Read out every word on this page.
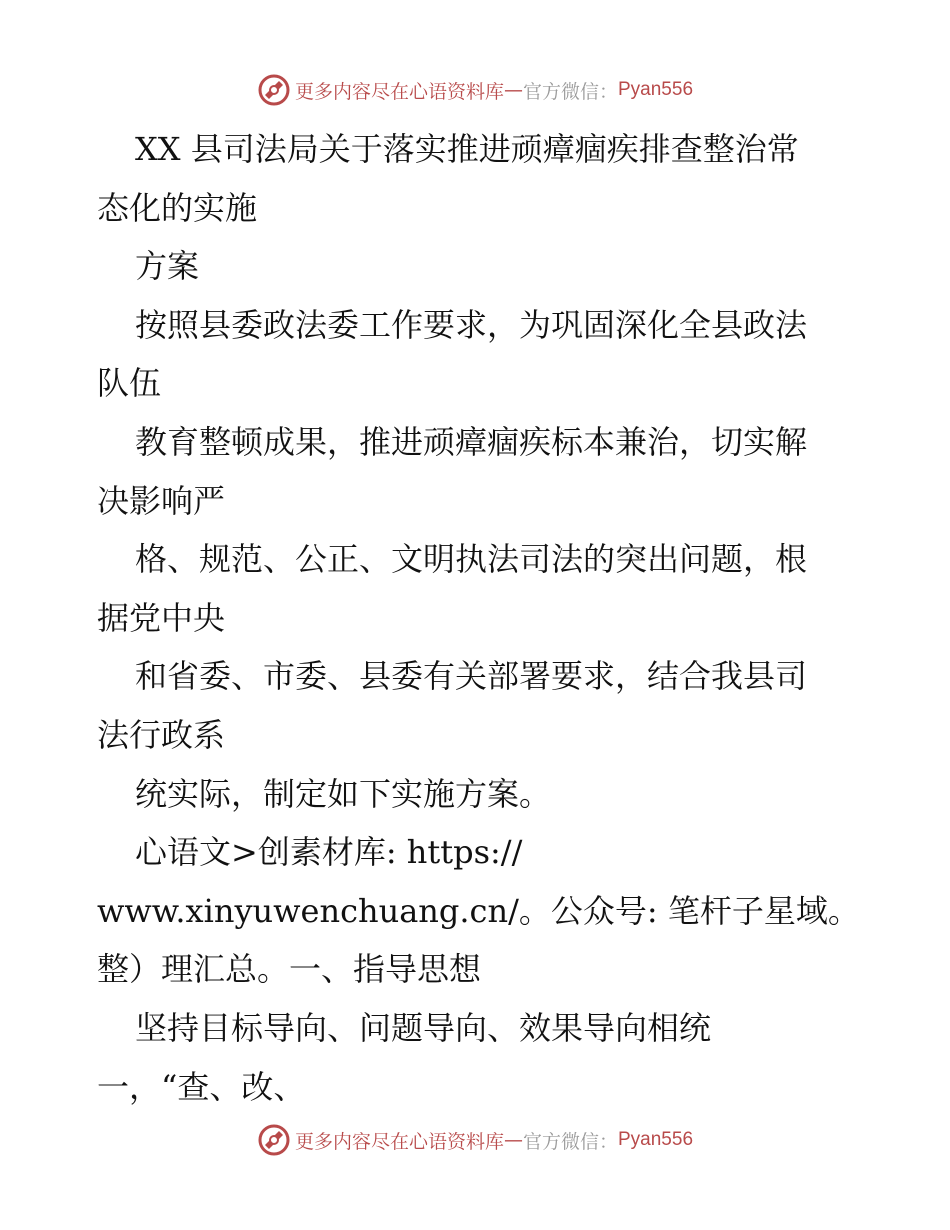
更多内容尽在心语资料库 — 官方微信： Pyan556
XX 县司法局关于落实推进顽瘴痼疾排查整治常
态化的实施
方案
按照县委政法委工作要求，为巩固深化全县政法
队伍
教育整顿成果，推进顽瘴痼疾标本兼治，切实解
决影响严
格、规范、公正、文明执法司法的突出问题，根
据党中央
和省委、市委、县委有关部署要求，结合我县司
法行政系
统实际，制定如下实施方案。
心语文>创素材库: https://
www.xinyuwenchuang.cn/。公众号: 笔杆子星域。
整）理汇总。一、指导思想
坚持目标导向、问题导向、效果导向相统
一，“查、改、
更多内容尽在心语资料库 — 官方微信： Pyan556
